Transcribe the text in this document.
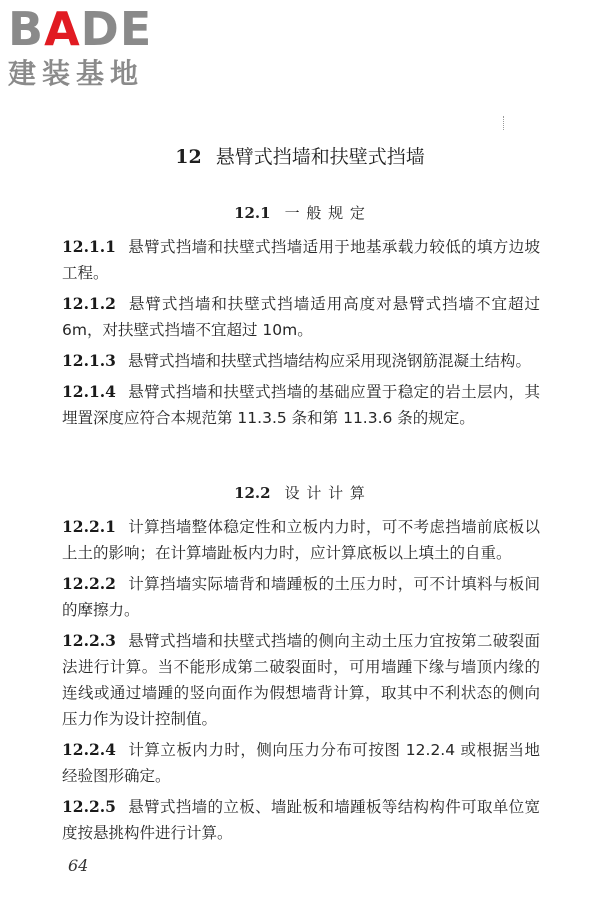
BADE
建装基地
12 悬臂式挡墙和扶壁式挡墙
12.1 一 般 规 定

12.1.1 悬臂式挡墙和扶壁式挡墙适用于地基承载力较低的填方边坡工程。

12.1.2 悬臂式挡墙和扶壁式挡墙适用高度对悬臂式挡墙不宜超过 6m，对扶壁式挡墙不宜超过 10m。

12.1.3 悬臂式挡墙和扶壁式挡墙结构应采用现浇钢筋混凝土结构。

12.1.4 悬臂式挡墙和扶壁式挡墙的基础应置于稳定的岩土层内，其埋置深度应符合本规范第 11.3.5 条和第 11.3.6 条的规定。

12.2 设 计 计 算

12.2.1 计算挡墙整体稳定性和立板内力时，可不考虑挡墙前底板以上土的影响；在计算墙趾板内力时，应计算底板以上填土的自重。

12.2.2 计算挡墙实际墙背和墙踵板的土压力时，可不计填料与板间的摩擦力。

12.2.3 悬臂式挡墙和扶壁式挡墙的侧向主动土压力宜按第二破裂面法进行计算。当不能形成第二破裂面时，可用墙踵下缘与墙顶内缘的连线或通过墙踵的竖向面作为假想墙背计算，取其中不利状态的侧向压力作为设计控制值。

12.2.4 计算立板内力时，侧向压力分布可按图 12.2.4 或根据当地经验图形确定。

12.2.5 悬臂式挡墙的立板、墙趾板和墙踵板等结构构件可取单位宽度按悬挑构件进行计算。

64
